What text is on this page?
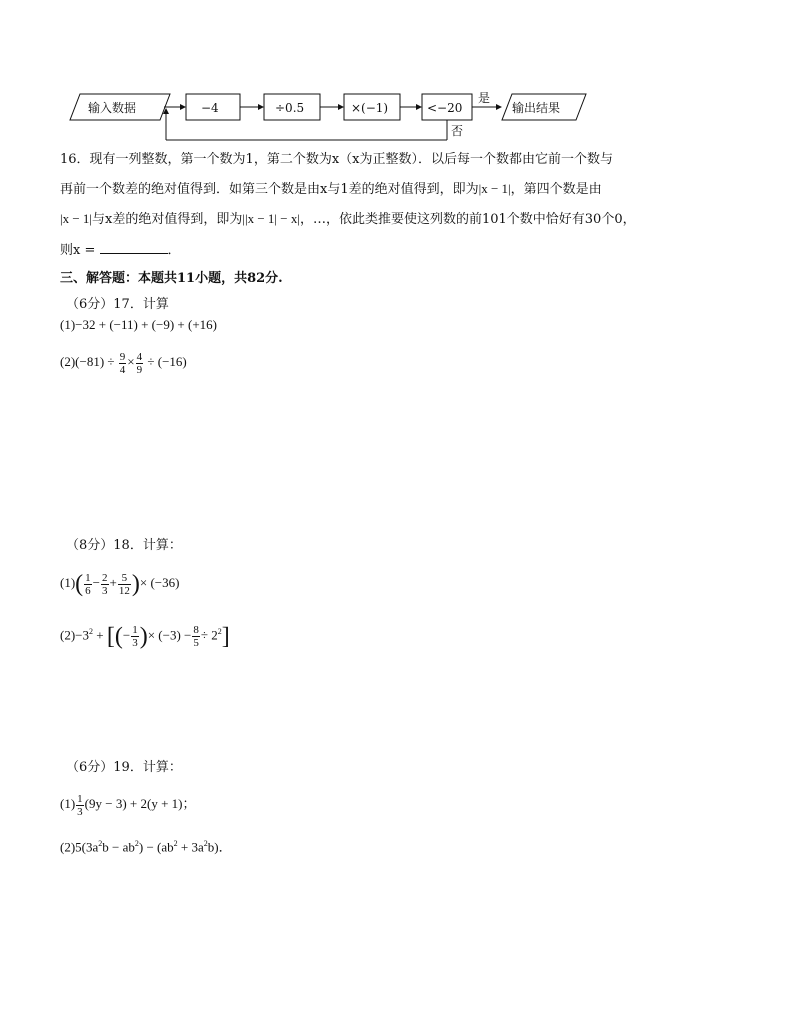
输入数据	−4	÷0.5	×(−1)	<−20
是
输出结果
否
16．现有一列整数，第一个数为1，第二个数为x（x为正整数）．以后每一个数都由它前一个数与
再前一个数差的绝对值得到．如第三个数是由x与1差的绝对值得到，即为|x − 1|，第四个数是由
|x − 1|与x差的绝对值得到，即为||x − 1| − x|，…，依此类推要使这列数的前101个数中恰好有30个0，
则x =	．
三、解答题：本题共11小题，共82分.
（6分）17．计算
(1)−32 + (−11) + (−9) + (+16)
$(2)(-81) \div \frac{9}{4} \times \frac{4}{9} \div (-16)$
（8分）18．计算：
$(1)( \frac{1}{6} - \frac{2}{3} + \frac{5}{12}$ )× (−36)
$(2)-3^2$ + [(− $\frac{1}{3}$ )× $(-3) - \frac{8}{5} \div 2^2$]
（6分）19．计算：
$(1) \frac{1}{3} (9y - 3) + 2(y + 1)$；
$(2)5(3a^2b - ab^2) - (ab^2 + 3a^2b)$．
